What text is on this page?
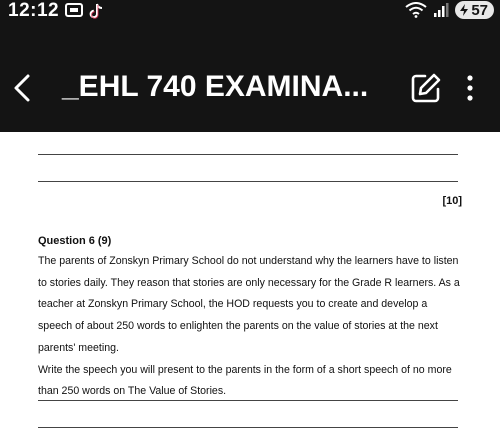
12:12	57
_EHL 740 EXAMINA...
[10]
Question 6 (9)

The parents of Zonskyn Primary School do not understand why the learners have to listen to stories daily. They reason that stories are only necessary for the Grade R learners. As a teacher at Zonskyn Primary School, the HOD requests you to create and develop a speech of about 250 words to enlighten the parents on the value of stories at the next parents' meeting.

Write the speech you will present to the parents in the form of a short speech of no more than 250 words on The Value of Stories.
